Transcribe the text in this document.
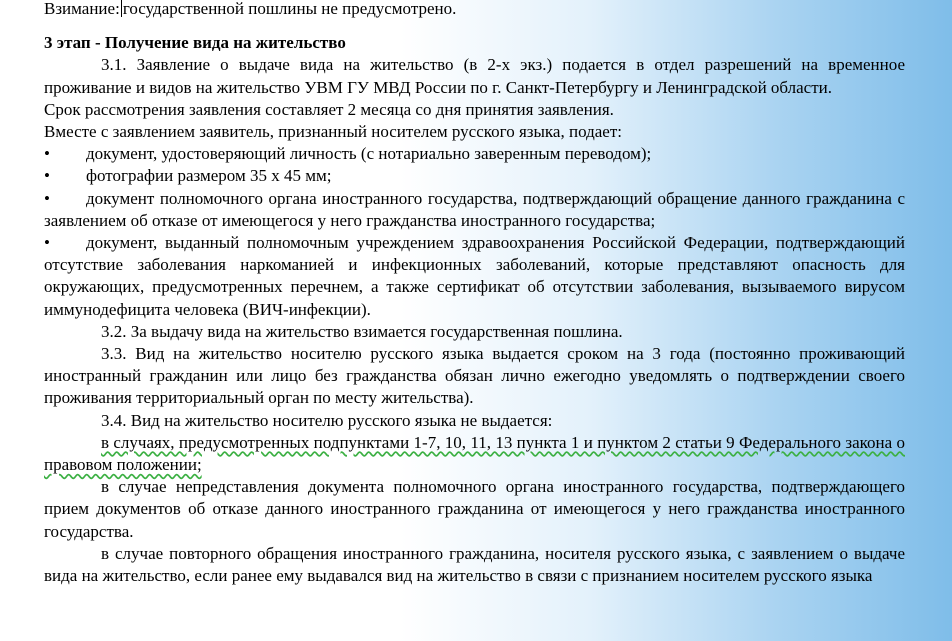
Взимание: государственной пошлины не предусмотрено.

3 этап - Получение вида на жительство

3.1. Заявление о выдаче вида на жительство (в 2-х экз.) подается в отдел разрешений на временное проживание и видов на жительство УВМ ГУ МВД России по г. Санкт-Петербургу и Ленинградской области.

Срок рассмотрения заявления составляет 2 месяца со дня принятия заявления.

Вместе с заявлением заявитель, признанный носителем русского языка, подает:

• документ, удостоверяющий личность (с нотариально заверенным переводом);

• фотографии размером 35 х 45 мм;

• документ полномочного органа иностранного государства, подтверждающий обращение данного гражданина с заявлением об отказе от имеющегося у него гражданства иностранного государства;

• документ, выданный полномочным учреждением здравоохранения Российской Федерации, подтверждающий отсутствие заболевания наркоманией и инфекционных заболеваний, которые представляют опасность для окружающих, предусмотренных перечнем, а также сертификат об отсутствии заболевания, вызываемого вирусом иммунодефицита человека (ВИЧ-инфекции).

3.2. За выдачу вида на жительство взимается государственная пошлина.

3.3. Вид на жительство носителю русского языка выдается сроком на 3 года (постоянно проживающий иностранный гражданин или лицо без гражданства обязан лично ежегодно уведомлять о подтверждении своего проживания территориальный орган по месту жительства).

3.4. Вид на жительство носителю русского языка не выдается:

в случаях, предусмотренных подпунктами 1-7, 10, 11, 13 пункта 1 и пунктом 2 статьи 9 Федерального закона о правовом положении;

в случае непредставления документа полномочного органа иностранного государства, подтверждающего прием документов об отказе данного иностранного гражданина от имеющегося у него гражданства иностранного государства.

в случае повторного обращения иностранного гражданина, носителя русского языка, с заявлением о выдаче вида на жительство, если ранее ему выдавался вид на жительство в связи с признанием носителем русского языка
